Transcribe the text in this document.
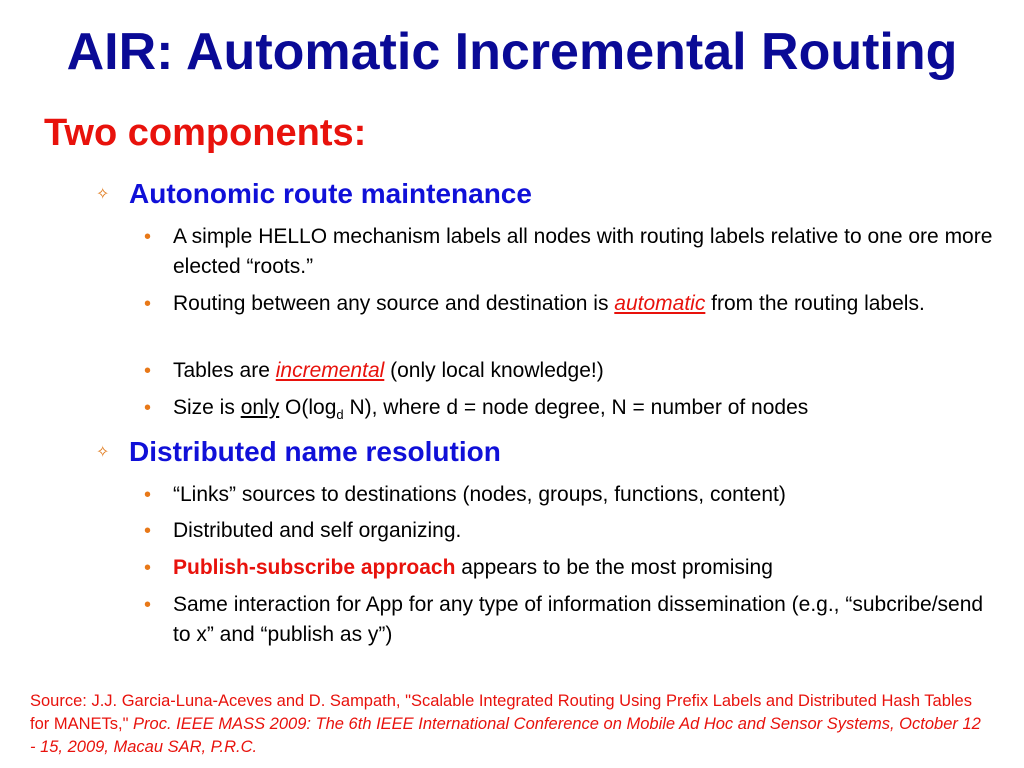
AIR: Automatic Incremental Routing
Two components:
✧ Autonomic route maintenance
• A simple HELLO mechanism labels all nodes with routing labels relative to one ore more elected “roots.”
• Routing between any source and destination is automatic from the routing labels.
• Tables are incremental (only local knowledge!)
• Size is only $O(\log_d$ N), where d = node degree, N = number of nodes
✧ Distributed name resolution
• “Links” sources to destinations (nodes, groups, functions, content)
• Distributed and self organizing.
• Publish-subscribe approach appears to be the most promising
• Same interaction for App for any type of information dissemination (e.g., “subcribe/send to x” and “publish as y”)
Source: J.J. Garcia-Luna-Aceves and D. Sampath, "Scalable Integrated Routing Using Prefix Labels and Distributed Hash Tables for MANETs," Proc. IEEE MASS 2009: The 6th IEEE International Conference on Mobile Ad Hoc and Sensor Systems, October 12 - 15, 2009, Macau SAR, P.R.C.
